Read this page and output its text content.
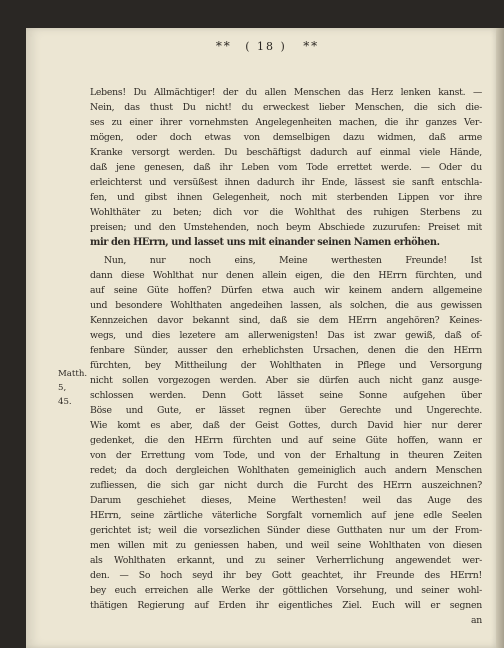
* * ( 18 ) * *
Matth. 5,
45.
Lebens! Du Allmächtiger! der du allen Menschen das Herz lenken kanst. —
Nein, das thust Du nicht! du erweckest lieber Menschen, die sich die-
ses zu einer ihrer vornehmsten Angelegenheiten machen, die ihr ganzes Ver-
mögen, oder doch etwas von demselbigen dazu widmen, daß arme
Kranke versorgt werden. Du beschäftigst dadurch auf einmal viele Hände,
daß jene genesen, daß ihr Leben vom Tode errettet werde. — Oder du
erleichterst und versüßest ihnen dadurch ihr Ende, lässest sie sanft entschla-
fen, und gibst ihnen Gelegenheit, noch mit sterbenden Lippen vor ihre
Wohlthäter zu beten; dich vor die Wohlthat des ruhigen Sterbens zu
preisen; und den Umstehenden, noch beym Abschiede zuzurufen: Preiset mit
mir den HErrn, und lasset uns mit einander seinen Namen erhöhen.
Nun, nur noch eins, Meine werthesten Freunde! Ist
dann diese Wohlthat nur denen allein eigen, die den HErrn fürchten, und
auf seine Güte hoffen? Dürfen etwa auch wir keinem andern allgemeine
und besondere Wohlthaten angedeihen lassen, als solchen, die aus gewissen
Kennzeichen davor bekannt sind, daß sie dem HErrn angehören? Keines-
wegs, und dies lezetere am allerwenigsten! Das ist zwar gewiß, daß of-
fenbare Sünder, ausser den erheblichsten Ursachen, denen die den HErrn
fürchten, bey Mittheilung der Wohlthaten in Pflege und Versorgung
nicht sollen vorgezogen werden. Aber sie dürfen auch nicht ganz ausge-
schlossen werden. Denn Gott lässet seine Sonne aufgehen über
Böse und Gute, er lässet regnen über Gerechte und Ungerechte.
Wie komt es aber, daß der Geist Gottes, durch David hier nur derer
gedenket, die den HErrn fürchten und auf seine Güte hoffen, wann er
von der Errettung vom Tode, und von der Erhaltung in theuren Zeiten
redet; da doch dergleichen Wohlthaten gemeiniglich auch andern Menschen
zufliessen, die sich gar nicht durch die Furcht des HErrn auszeichnen?
Darum geschiehet dieses, Meine Werthesten! weil das Auge des
HErrn, seine zärtliche väterliche Sorgfalt vornemlich auf jene edle Seelen
gerichtet ist; weil die vorsezlichen Sünder diese Gutthaten nur um der From-
men willen mit zu geniessen haben, und weil seine Wohlthaten von diesen
als Wohlthaten erkannt, und zu seiner Verherrlichung angewendet wer-
den. — So hoch seyd ihr bey Gott geachtet, ihr Freunde des HErrn!
bey euch erreichen alle Werke der göttlichen Vorsehung, und seiner wohl-
thätigen Regierung auf Erden ihr eigentliches Ziel. Euch will er segnen
an
